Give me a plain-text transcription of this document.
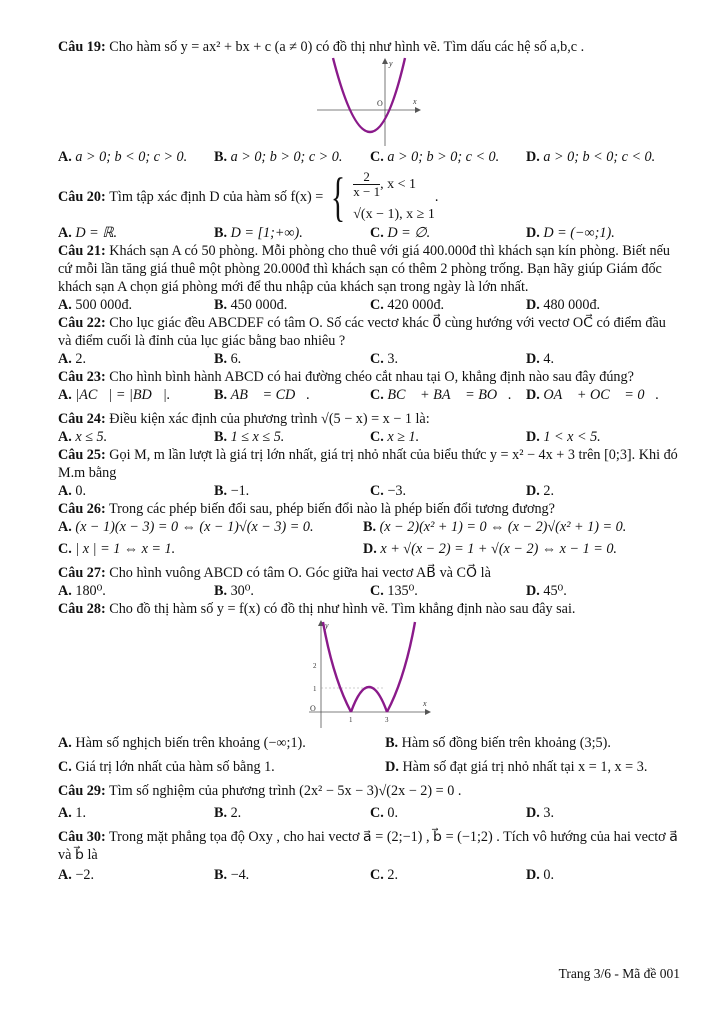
Câu 19: Cho hàm số y = ax² + bx + c (a ≠ 0) có đồ thị như hình vẽ. Tìm dấu các hệ số a,b,c .

y
O	x
A. a > 0; b < 0; c > 0.	B. a > 0; b > 0; c > 0.	C. a > 0; b > 0; c < 0.	D. a > 0; b < 0; c < 0.

Câu 20:
Tìm tập xác định D của hàm số f(x) = { $\frac{2}{x - 1}$ , x < 1
√(x − 1), x ≥ 1
.

A. D = ℝ.	B. D = [1;+∞).	C. D = ∅.	D. D = (−∞;1).

Câu 21: Khách sạn A có 50 phòng. Mỗi phòng cho thuê với giá 400.000đ thì khách sạn kín phòng. Biết nếu cứ mỗi lần tăng giá thuê một phòng 20.000đ thì khách sạn có thêm 2 phòng trống. Bạn hãy giúp Giám đốc khách sạn A chọn giá phòng mới để thu nhập của khách sạn trong ngày là lớn nhất.

A. 500 000đ.	B. 450 000đ.	C. 420 000đ.	D. 480 000đ.

Câu 22: Cho lục giác đều ABCDEF có tâm O. Số các vectơ khác 0⃗ cùng hướng với vectơ OC⃗ có điểm đầu và điểm cuối là đỉnh của lục giác bằng bao nhiêu ?

A. 2.	B. 6.	C. 3.	D. 4.

Câu 23: Cho hình bình hành ABCD có hai đường chéo cắt nhau tại O, khẳng định nào sau đây đúng?

A. |AC⃗| = |BD⃗|.	B. AB⃗ = CD⃗.	C. BC⃗ + BA⃗ = BO⃗.	D. OA⃗ + OC⃗ = 0⃗.

Câu 24: Điều kiện xác định của phương trình √(5 − x) = x − 1 là:

A. x ≤ 5.	B. 1 ≤ x ≤ 5.	C. x ≥ 1.	D. 1 < x < 5.

Câu 25: Gọi M, m lần lượt là giá trị lớn nhất, giá trị nhỏ nhất của biểu thức y = x² − 4x + 3 trên [0;3]. Khi đó M.m bằng

A. 0.	B. −1.	C. −3.	D. 2.

Câu 26: Trong các phép biến đổi sau, phép biến đổi nào là phép biến đổi tương đương?

A. (x − 1)(x − 3) = 0 ⇔ (x − 1)√(x − 3) = 0.	B. (x − 2)(x² + 1) = 0 ⇔ (x − 2)√(x² + 1) = 0.
C. | x | = 1 ⇔ x = 1.	D. x + √(x − 2) = 1 + √(x − 2) ⇔ x − 1 = 0.

Câu 27: Cho hình vuông ABCD có tâm O. Góc giữa hai vectơ AB⃗ và CO⃗ là

A. 180⁰.	B. 30⁰.	C. 135⁰.	D. 45⁰.

Câu 28: Cho đồ thị hàm số y = f(x) có đồ thị như hình vẽ. Tìm khẳng định nào sau đây sai.

y
O
x
1	3
1
2
A. Hàm số nghịch biến trên khoảng (−∞;1).	B. Hàm số đồng biến trên khoảng (3;5).
C. Giá trị lớn nhất của hàm số bằng 1.	D. Hàm số đạt giá trị nhỏ nhất tại x = 1, x = 3.

Câu 29: Tìm số nghiệm của phương trình (2x² − 5x − 3)√(2x − 2) = 0 .

A. 1.	B. 2.	C. 0.	D. 3.

Câu 30: Trong mặt phẳng tọa độ Oxy , cho hai vectơ a⃗ = (2;−1) , b⃗ = (−1;2) . Tích vô hướng của hai vectơ a⃗ và b⃗ là

A. −2.	B. −4.	C. 2.	D. 0.
Trang 3/6 - Mã đề 001
